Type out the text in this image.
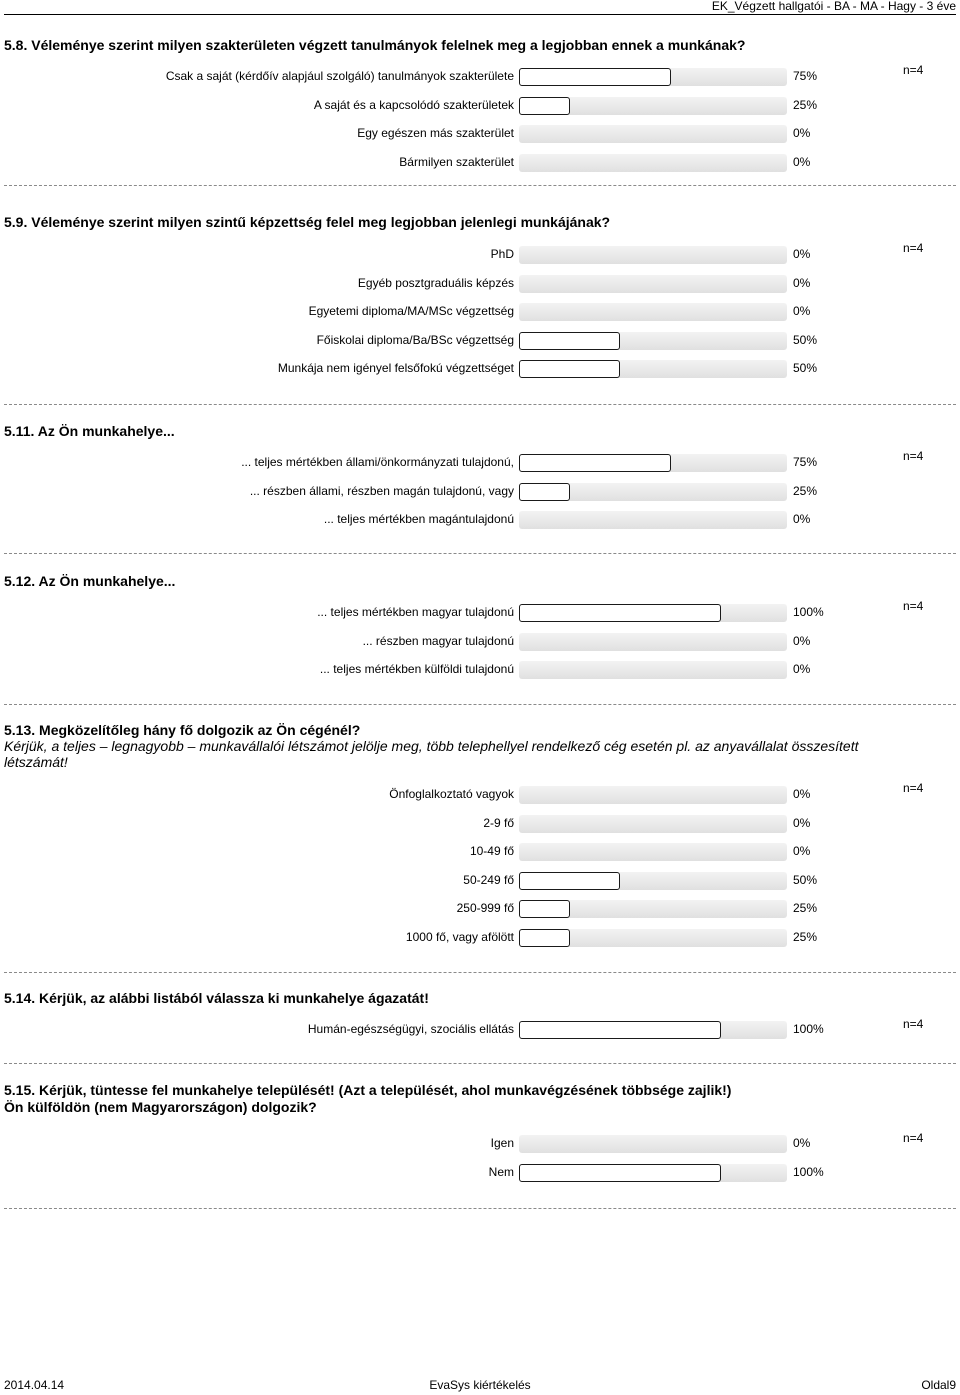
EK_Végzett hallgatói - BA - MA - Hagy - 3 éve
5.8. Véleménye szerint milyen szakterületen végzett tanulmányok felelnek meg a legjobban ennek a munkának?
n=4
Csak a saját (kérdőív alapjául szolgáló) tanulmányok szakterülete	75%
A saját és a kapcsolódó szakterületek	25%
Egy egészen más szakterület	0%
Bármilyen szakterület	0%
5.9. Véleménye szerint milyen szintű képzettség felel meg legjobban jelenlegi munkájának?
n=4
PhD	0%
Egyéb posztgraduális képzés	0%
Egyetemi diploma/MA/MSc végzettség	0%
Főiskolai diploma/Ba/BSc végzettség	50%
Munkája nem igényel felsőfokú végzettséget	50%
5.11. Az Ön munkahelye...
n=4
... teljes mértékben állami/önkormányzati tulajdonú,	75%
... részben állami, részben magán tulajdonú, vagy	25%
... teljes mértékben magántulajdonú	0%
5.12. Az Ön munkahelye...
n=4
... teljes mértékben magyar tulajdonú	100%
... részben magyar tulajdonú	0%
... teljes mértékben külföldi tulajdonú	0%
5.13. Megközelítőleg hány fő dolgozik az Ön cégénél?
Kérjük, a teljes – legnagyobb – munkavállalói létszámot jelölje meg, több telephellyel rendelkező cég esetén pl. az anyavállalat összesített létszámát!
n=4
Önfoglalkoztató vagyok	0%
2-9 fő	0%
10-49 fő	0%
50-249 fő	50%
250-999 fő	25%
1000 fő, vagy afölött	25%
5.14. Kérjük, az alábbi listából válassza ki munkahelye ágazatát!
n=4
Humán-egészségügyi, szociális ellátás	100%
5.15. Kérjük, tüntesse fel munkahelye települését! (Azt a települését, ahol munkavégzésének többsége zajlik!)
Ön külföldön (nem Magyarországon) dolgozik?
n=4
Igen	0%
Nem	100%
2014.04.14	EvaSys kiértékelés	Oldal9
